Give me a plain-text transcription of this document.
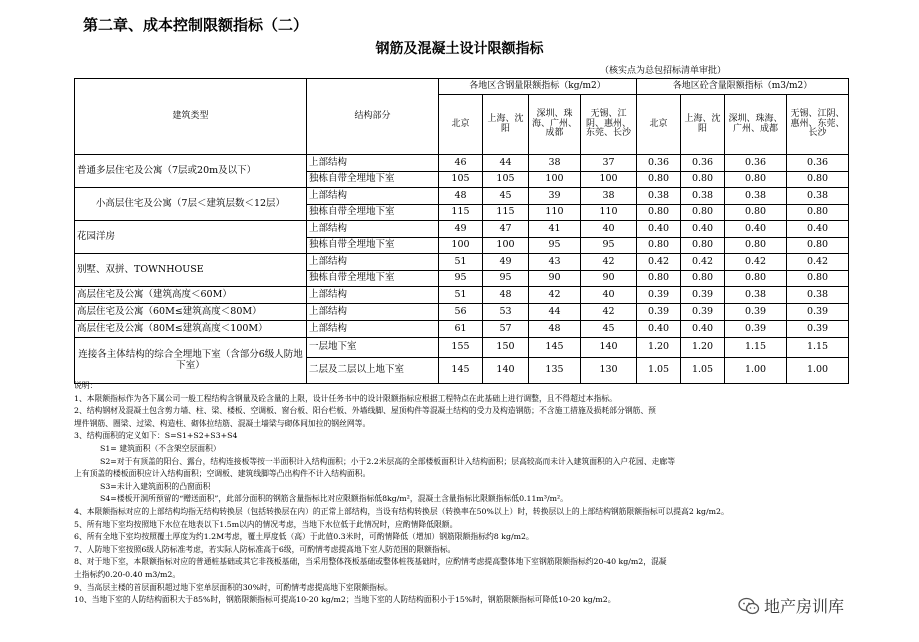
第二章、成本控制限额指标（二）
钢筋及混凝土设计限额指标
（核实点为总包招标清单审批）
建筑类型	结构部分	各地区含钢量限额指标（kg/m2）				各地区砼含量限额指标（m3/m2）			
		北京	上海、沈阳	深圳、珠海、广州、成都	无锡、江阴、惠州、东莞、长沙	北京	上海、沈阳	深圳、珠海、广州、成都	无锡、江阴、惠州、东莞、长沙
普通多层住宅及公寓（7层或20m及以下）	上部结构	46	44	38	37	0.36	0.36	0.36	0.36
	独栋自带全埋地下室	105	105	100	100	0.80	0.80	0.80	0.80
小高层住宅及公寓（7层＜建筑层数＜12层）	上部结构	48	45	39	38	0.38	0.38	0.38	0.38
	独栋自带全埋地下室	115	115	110	110	0.80	0.80	0.80	0.80
花园洋房	上部结构	49	47	41	40	0.40	0.40	0.40	0.40
	独栋自带全埋地下室	100	100	95	95	0.80	0.80	0.80	0.80
别墅、双拼、TOWNHOUSE	上部结构	51	49	43	42	0.42	0.42	0.42	0.42
	独栋自带全埋地下室	95	95	90	90	0.80	0.80	0.80	0.80
高层住宅及公寓（建筑高度＜60M）	上部结构	51	48	42	40	0.39	0.39	0.38	0.38
高层住宅及公寓（60M≤建筑高度＜80M）	上部结构	56	53	44	42	0.39	0.39	0.39	0.39
高层住宅及公寓（80M≤建筑高度＜100M）	上部结构	61	57	48	45	0.40	0.40	0.39	0.39
连接各主体结构的综合全埋地下室（含部分6级人防地下室）	一层地下室	155	150	145	140	1.20	1.20	1.15	1.15
	二层及二层以上地下室	145	140	135	130	1.05	1.05	1.00	1.00
说明：
1、本限额指标作为各下属公司一般工程结构含钢量及砼含量的上限，设计任务书中的设计限额指标应根据工程特点在此基础上进行调整，且不得超过本指标。
2、结构钢材及混凝土包含剪力墙、柱、梁、楼板、空调板、窗台板、阳台栏板、外墙线脚、屋顶构件等混凝土结构的受力及构造钢筋；不含施工措施及损耗部分钢筋、预
埋件钢筋、圈梁、过梁、构造柱、砌体拉结筋、混凝土墙梁与砌体间加拉的钢丝网等。
3、结构面积的定义如下：S=S1+S2+S3+S4
S1= 建筑面积（不含架空层面积）
S2=对于有顶盖的阳台、露台，结构连接板等按一半面积计入结构面积；小于2.2米层高的全部楼板面积计入结构面积；层高较高而未计入建筑面积的入户花园、走廊等
上有顶盖的楼板面积应计入结构面积；空调板、建筑线脚等凸出构件不计入结构面积。
S3=未计入建筑面积的凸窗面积
S4=楼板开洞所预留的“赠送面积”，此部分面积的钢筋含量指标比对应限额指标低8kg/m²，混凝土含量指标比限额指标低0.11m³/m²。
4、本限额指标对应的上部结构均指无结构转换层（包括转换层在内）的正常上部结构，当设有结构转换层（转换率在50%以上）时，转换层以上的上部结构钢筋限额指标可以提高2 kg/m2。
5、所有地下室均按照地下水位在地表以下1.5m以内的情况考虑，当地下水位低于此情况时，应酌情降低限额。
6、所有全地下室均按照覆土厚度为约1.2M考虑，覆土厚度低（高）于此值0.3米时，可酌情降低（增加）钢筋限额指标约8 kg/m2。
7、人防地下室按照6级人防标准考虑，若实际人防标准高于6级，可酌情考虑提高地下室人防范围的限额指标。
8、对于地下室，本限额指标对应的普通桩基础或其它非筏板基础，当采用整体筏板基础或整体桩筏基础时，应酌情考虑提高整体地下室钢筋限额指标约20-40 kg/m2，混凝
土指标约0.20-0.40 m3/m2。
9、当高层主楼的首层面积超过地下室单层面积的30%时，可酌情考虑提高地下室限额指标。
10、当地下室的人防结构面积大于85%时，钢筋限额指标可提高10-20 kg/m2；当地下室的人防结构面积小于15%时，钢筋限额指标可降低10-20 kg/m2。	地产房训库
